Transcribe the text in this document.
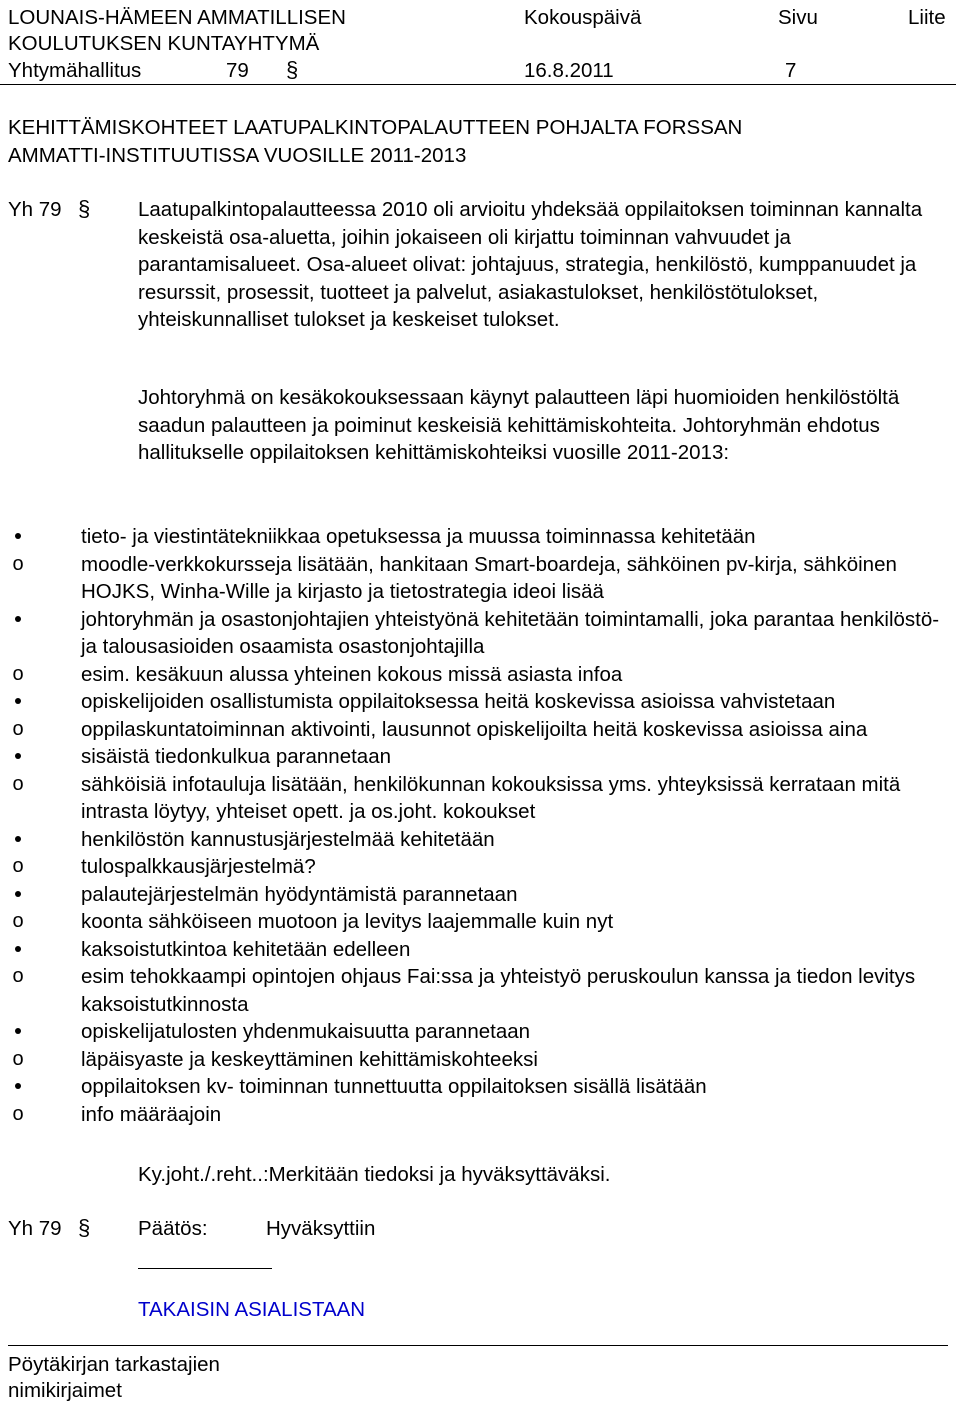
LOUNAIS-HÄMEEN AMMATILLISEN
KOULUTUKSEN KUNTAYHTYMÄ
Kokouspäivä	Sivu	Liite
Yhtymähallitus	79 §	16.8.2011	7
KEHITTÄMISKOHTEET LAATUPALKINTOPALAUTTEEN POHJALTA FORSSAN
AMMATTI-INSTITUUTISSA VUOSILLE 2011-2013
Yh 79 § Laatupalkintopalautteessa 2010 oli arvioitu yhdeksää oppilaitoksen toiminnan kannalta keskeistä osa-aluetta, joihin jokaiseen oli kirjattu toiminnan vahvuudet ja parantamisalueet. Osa-alueet olivat: johtajuus, strategia, henkilöstö, kumppanuudet ja resurssit, prosessit, tuotteet ja palvelut, asiakastulokset, henkilöstötulokset, yhteiskunnalliset tulokset ja keskeiset tulokset.
Johtoryhmä on kesäkokouksessaan käynyt palautteen läpi huomioiden henkilöstöltä saadun palautteen ja poiminut keskeisiä kehittämiskohteita. Johtoryhmän ehdotus hallitukselle oppilaitoksen kehittämiskohteiksi vuosille 2011-2013:
tieto- ja viestintätekniikkaa opetuksessa ja muussa toiminnassa kehitetään
o	moodle-verkkokursseja lisätään, hankitaan Smart-boardeja, sähköinen pv-kirja, sähköinen HOJKS, Winha-Wille ja kirjasto ja tietostrategia ideoi lisää
johtoryhmän ja osastonjohtajien yhteistyönä kehitetään toimintamalli, joka parantaa henkilöstö- ja talousasioiden osaamista osastonjohtajilla
o	esim. kesäkuun alussa yhteinen kokous missä asiasta infoa
opiskelijoiden osallistumista oppilaitoksessa heitä koskevissa asioissa vahvistetaan
o	oppilaskuntatoiminnan aktivointi, lausunnot opiskelijoilta heitä koskevissa asioissa aina
sisäistä tiedonkulkua parannetaan
o	sähköisiä infotauluja lisätään, henkilökunnan kokouksissa yms. yhteyksissä kerrataan mitä intrasta löytyy, yhteiset opett. ja os.joht. kokoukset
henkilöstön kannustusjärjestelmää kehitetään
o	tulospalkkausjärjestelmä?
palautejärjestelmän hyödyntämistä parannetaan
o	koonta sähköiseen muotoon ja levitys laajemmalle kuin nyt
kaksoistutkintoa kehitetään edelleen
o	esim tehokkaampi opintojen ohjaus Fai:ssa ja yhteistyö peruskoulun kanssa ja tiedon levitys kaksoistutkinnosta
opiskelijatulosten yhdenmukaisuutta parannetaan
o	läpäisyaste ja keskeyttäminen kehittämiskohteeksi
oppilaitoksen kv- toiminnan tunnettuutta oppilaitoksen sisällä lisätään
o	info määräajoin
Ky.joht./.reht..:Merkitään tiedoksi ja hyväksyttäväksi.
Yh 79 § Päätös:	Hyväksyttiin
TAKAISIN ASIALISTAAN
Pöytäkirjan tarkastajien
nimikirjaimet
